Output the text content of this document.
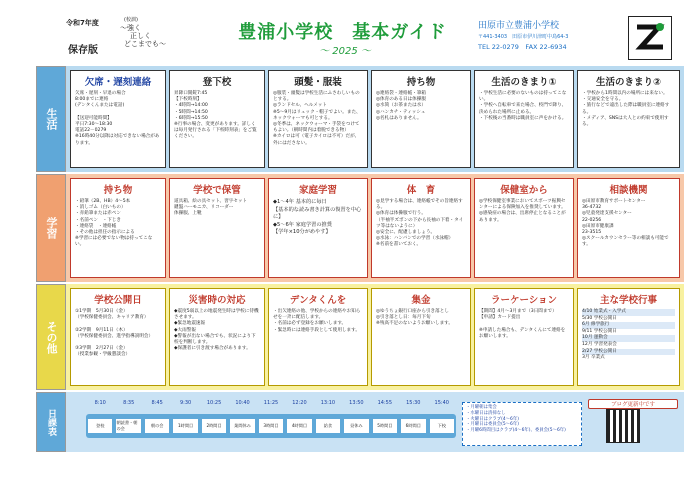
令和7年度
保存版
(校訓)
～強く
正しく
どこまでも～
豊浦小学校　基本ガイド
～ 2025 ～
田原市立豊浦小学校
〒441-3403　田原市伊川津町中島64-3
TEL 22-0279　FAX 22-6934
生活
学習
その他
日課表
欠席・遅刻連絡
欠席・遅刻・早退の場合
8:00までに連絡
(デンタくんまたは電話)

【送迎可能時間】
平日7:30～18:30
電話22－0279
※16時40分以降は対応できない場合があります。
登下校
昇降口開錠7:45
【下校時刻】
・4時間→14:00
・5時間→14:50
・6時間→15:50
※行事の場合、変更があります。詳しくは毎月発行される「下校時刻表」をご覧ください。
頭髪・服装
◎服装・頭髪は学校生活にふさわしいものとする。
◎ランドセル、ヘルメット
※5～9月はリュック・帽子でよい。また、ネックウォーマも可とする。
◎冬季は、ネックウォーマ・手袋をつけてもよい。（朝時間内は着脱できる物）
※カイロは可（電子カイロは不可）だが、外にはださない。
持ち物
◎連絡袋・連絡帳・筆箱
◎体育のある日は体操服
◎水筒（お茶または水）
◎ハンカチ・ティッシュ
◎名札はありません。
生活のきまり①
・学校生活に必要のないものは持ってこない。
・学校へ自転車で来た場合、校門で降り、決められた場所に止める。
・下校後の当番時は職員室に声をかける。
生活のきまり②
・学校から1時間以内の場所には来ない。
・交通安全を守る。
・旅行などで遠出した際は職員室に連絡する。
・メディア、SNSは大人との約束で使用する。
持ち物
・鉛筆（2B、HB）4～5本
・消しゴム（白いもの）
・赤鉛筆または赤ペン
・名前ペン　・下じき
・連絡袋　・連絡帳
・その他は担任の指示による
※学習には必要でない物は持ってこない。
学校で保管
道具箱、絵の具セット、習字セット
鍵盤ハーモニカ、リコーダー
体操服、上靴
家庭学習
◆1～4年 基本的に毎日
【基本的な読み書き計算の復習を中心に】
◆5～6年 家庭学習の推奨
【学年×10分がめやす】
体　育
◎見学する場合は、連絡帳でその旨連絡する。
◎体育は体操服で行う。
（半袖半ズボンの下から長袖の下着・タイツ等はないように）
◎安全に、配慮しましょう。
◎水泳：ハンバンでの学習（水泳帽）
※名前を書いておく。
保健室から
◎学校保健室事業においてスポーツ振興センターによる保険加入を推奨しています。
◎感染症の場合は、出席停止となることがあります。
相談機関
◎田原市教育サポートセンター
36-4732
◎児童発達支援センター
22-0256
◎田原市健康課
23-3515
◎スクールカウンセラー等の相談も可能です。
学校公開日
①1学期　5月30日（金）
（学校保健委員会、キャリア教育）

②2学期　9月11日（木）
（学校保健委員会、進学指導説明会）

③3学期　2月27日（金）
（授業参観・学級懇談会）
災害時の対応
◆震度5弱以上の地震発生時は学校に待機させます。
◆緊急地震速報
◆大雨警報
◆警報が出ない場合でも、状況により下校を判断します。
◆保護者に引き渡す場合があります。
デンタくんを
・出欠連絡の他、学校からの連絡やお知らせを一斉に配信します。
・名前は必ず登録をお願いします。
・緊急時には連絡手段として使用します。
集金
◎ゆうちょ銀行口座から引き落とし
◎引き落とし日：毎月下旬
※残高不足のないようお願いします。
ラーケーション
【期間】4月～3月まで（3日間まで）
【申請】カード提出

※申請した場合も、デンタくんにて連絡をお願いします。
主な学校行事
4/10 始業式・入学式
5/30 学校公開日
6月 修学旅行
9/11 学校公開日
10月 運動会
12月 学習発表会
2/27 学校公開日
3月 卒業式
8:10	8:35	8:45	9:30	10:25	10:40	11:25	12:20	13:10	13:50	14:55	15:30	15:40
登校
朝読書・朝の会
朝の会	1時間目	2時間目	業間休み	3時間目	4時間目	給食	昼休み	5時間目	6時間目	下校
・月曜朝は集会
・水曜日は清掃なし
・火曜日はクラブ(4～6年)
・月曜日は委員会(5～6年)
・月曜6時間目はクラブ(4～6年)、委員会(5～6年)
ブログ更新中です
